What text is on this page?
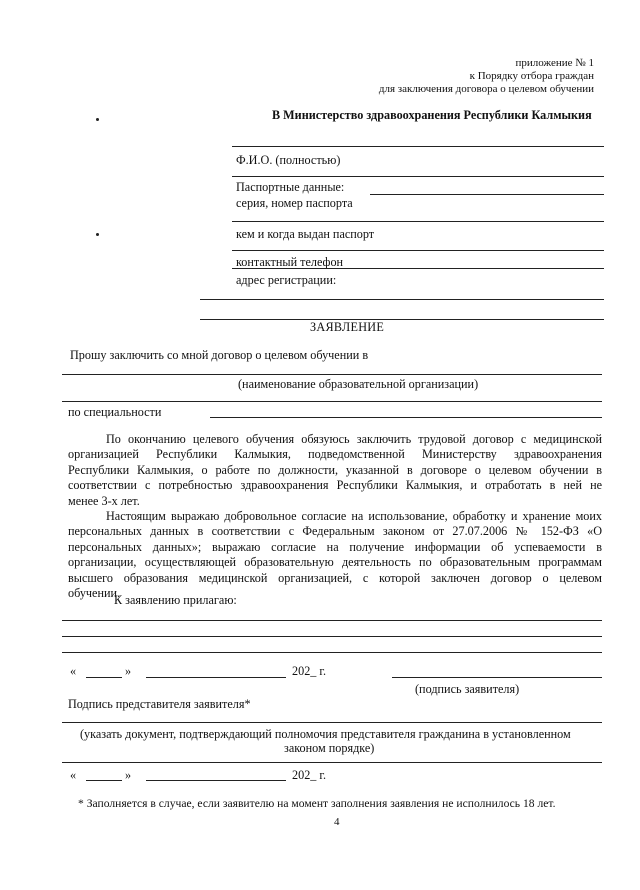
приложение № 1
к Порядку отбора граждан
для заключения договора о целевом обучении
В Министерство здравоохранения Республики Калмыкия
Ф.И.О. (полностью)
Паспортные данные:
серия, номер паспорта
кем и когда выдан паспорт
контактный телефон
адрес регистрации:
ЗАЯВЛЕНИЕ
Прошу заключить со мной договор о целевом обучении в
(наименование образовательной организации)
по специальности
По окончанию целевого обучения обязуюсь заключить трудовой договор с медицинской
организацией Республики Калмыкия, подведомственной Министерству здравоохранения
Республики Калмыкия, о работе по должности, указанной в договоре о целевом обучении в
соответствии с потребностью здравоохранения Республики Калмыкия, и отработать в ней не
менее 3-х лет.
Настоящим выражаю добровольное согласие на использование, обработку и хранение моих
персональных данных в соответствии с Федеральным законом от 27.07.2006 № 152-ФЗ «О
персональных данных»; выражаю согласие на получение информации об успеваемости в
организации, осуществляющей образовательную деятельность по образовательным программам
высшего образования медицинской организацией, с которой заключен договор о целевом
обучении.
К заявлению прилагаю:
«	»	202_ г.
(подпись заявителя)
Подпись представителя заявителя*
(указать документ, подтверждающий полномочия представителя гражданина в установленном
законом порядке)
«	»	202_ г.
* Заполняется в случае, если заявителю на момент заполнения заявления не исполнилось 18 лет.
4
